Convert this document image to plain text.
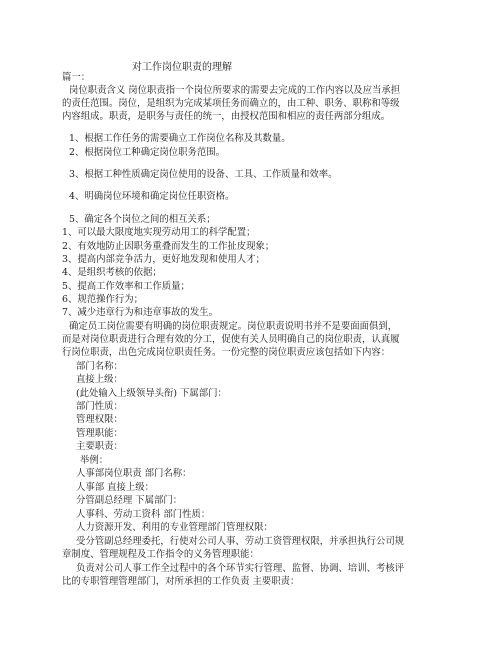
对工作岗位职责的理解
篇一：
岗位职责含义 岗位职责指一个岗位所要求的需要去完成的工作内容以及应当承担
的责任范围。岗位，是组织为完成某项任务而确立的，由工种、职务、职称和等级
内容组成。职责，是职务与责任的统一，由授权范围和相应的责任两部分组成。
1、根据工作任务的需要确立工作岗位名称及其数量。
2、根据岗位工种确定岗位职务范围。
3、根据工种性质确定岗位使用的设备、工具、工作质量和效率。
4、明确岗位环境和确定岗位任职资格。
5、确定各个岗位之间的相互关系；
1、可以最大限度地实现劳动用工的科学配置；
2、有效地防止因职务重叠而发生的工作扯皮现象；
3、提高内部竞争活力，更好地发现和使用人才；
4、是组织考核的依据；
5、提高工作效率和工作质量；
6、规范操作行为；
7、减少违章行为和违章事故的发生。
确定员工岗位需要有明确的岗位职责规定。岗位职责说明书并不是要面面俱到，
而是对岗位职责进行合理有效的分工，促使有关人员明确自己的岗位职责，认真履
行岗位职责，出色完成岗位职责任务。一份完整的岗位职责应该包括如下内容：
部门名称：
直接上级：
(此处输入上级领导头衔) 下属部门：
部门性质：
管理权限：
管理职能：
主要职责：
举例：
人事部岗位职责 部门名称：
人事部 直接上级：
分管副总经理 下属部门：
人事科、劳动工资科 部门性质：
人力资源开发、利用的专业管理部门管理权限：
受分管副总经理委托，行使对公司人事、劳动工资管理权限，并承担执行公司规
章制度、管理规程及工作指令的义务管理职能：
负责对公司人事工作全过程中的各个环节实行管理、监督、协调、培训、考核评
比的专职管理管理部门，对所承担的工作负责 主要职责：
